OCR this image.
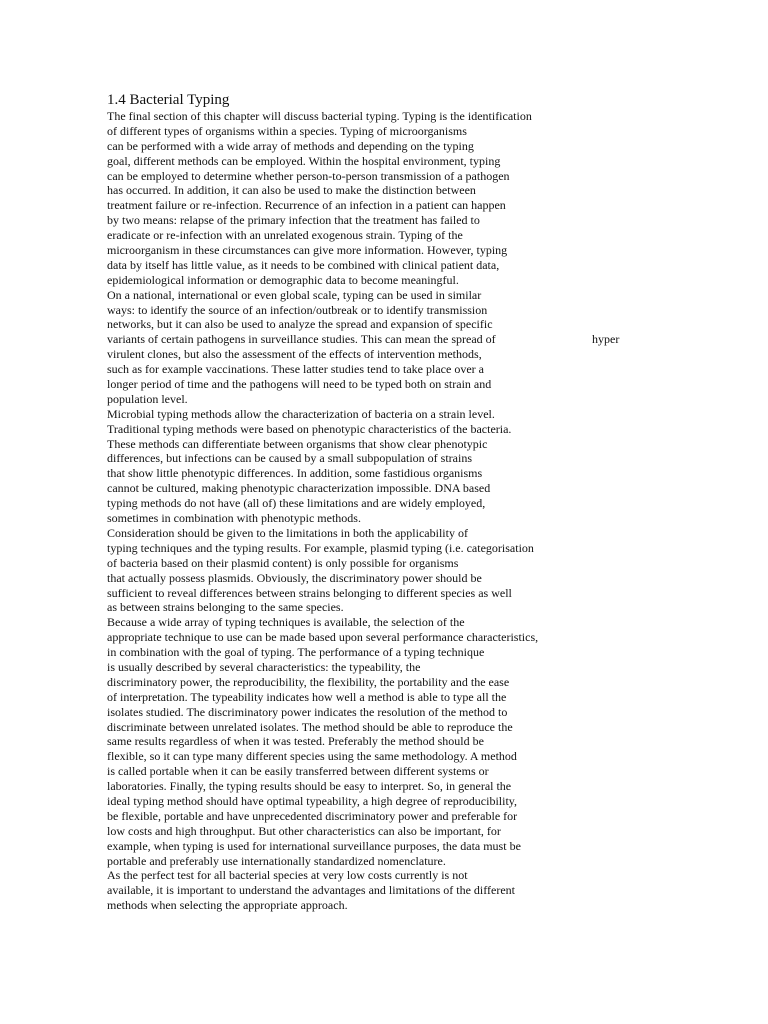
1.4 Bacterial Typing
The final section of this chapter will discuss bacterial typing. Typing is the identification
of different types of organisms within a species. Typing of microorganisms
can be performed with a wide array of methods and depending on the typing
goal, different methods can be employed. Within the hospital environment, typing
can be employed to determine whether person-to-person transmission of a pathogen
has occurred. In addition, it can also be used to make the distinction between
treatment failure or re-infection. Recurrence of an infection in a patient can happen
by two means: relapse of the primary infection that the treatment has failed to
eradicate or re-infection with an unrelated exogenous strain. Typing of the
microorganism in these circumstances can give more information. However, typing
data by itself has little value, as it needs to be combined with clinical patient data,
epidemiological information or demographic data to become meaningful.
On a national, international or even global scale, typing can be used in similar
ways: to identify the source of an infection/outbreak or to identify transmission
networks, but it can also be used to analyze the spread and expansion of specific
variants of certain pathogens in surveillance studies. This can mean the spread of
virulent clones, but also the assessment of the effects of intervention methods,
such as for example vaccinations. These latter studies tend to take place over a
longer period of time and the pathogens will need to be typed both on strain and
population level.
Microbial typing methods allow the characterization of bacteria on a strain level.
Traditional typing methods were based on phenotypic characteristics of the bacteria.
These methods can differentiate between organisms that show clear phenotypic
differences, but infections can be caused by a small subpopulation of strains
that show little phenotypic differences. In addition, some fastidious organisms
cannot be cultured, making phenotypic characterization impossible. DNA based
typing methods do not have (all of) these limitations and are widely employed,
sometimes in combination with phenotypic methods.
Consideration should be given to the limitations in both the applicability of
typing techniques and the typing results. For example, plasmid typing (i.e. categorisation
of bacteria based on their plasmid content) is only possible for organisms
that actually possess plasmids. Obviously, the discriminatory power should be
sufficient to reveal differences between strains belonging to different species as well
as between strains belonging to the same species.
Because a wide array of typing techniques is available, the selection of the
appropriate technique to use can be made based upon several performance characteristics,
in combination with the goal of typing. The performance of a typing technique
is usually described by several characteristics: the typeability, the
discriminatory power, the reproducibility, the flexibility, the portability and the ease
of interpretation. The typeability indicates how well a method is able to type all the
isolates studied. The discriminatory power indicates the resolution of the method to
discriminate between unrelated isolates. The method should be able to reproduce the
same results regardless of when it was tested. Preferably the method should be
flexible, so it can type many different species using the same methodology. A method
is called portable when it can be easily transferred between different systems or
laboratories. Finally, the typing results should be easy to interpret. So, in general the
ideal typing method should have optimal typeability, a high degree of reproducibility,
be flexible, portable and have unprecedented discriminatory power and preferable for
low costs and high throughput. But other characteristics can also be important, for
example, when typing is used for international surveillance purposes, the data must be
portable and preferably use internationally standardized nomenclature.
As the perfect test for all bacterial species at very low costs currently is not
available, it is important to understand the advantages and limitations of the different
methods when selecting the appropriate approach.
hyper
